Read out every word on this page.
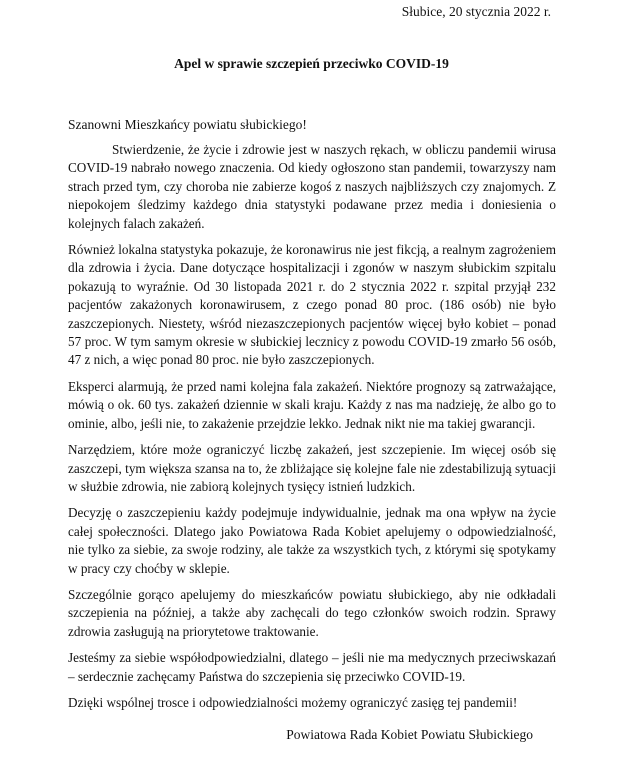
Słubice, 20 stycznia 2022 r.
Apel w sprawie szczepień przeciwko COVID-19
Szanowni Mieszkańcy powiatu słubickiego!

Stwierdzenie, że życie i zdrowie jest w naszych rękach, w obliczu pandemii wirusa COVID-19 nabrało nowego znaczenia. Od kiedy ogłoszono stan pandemii, towarzyszy nam strach przed tym, czy choroba nie zabierze kogoś z naszych najbliższych czy znajomych. Z niepokojem śledzimy każdego dnia statystyki podawane przez media i doniesienia o kolejnych falach zakażeń.

Również lokalna statystyka pokazuje, że koronawirus nie jest fikcją, a realnym zagrożeniem dla zdrowia i życia. Dane dotyczące hospitalizacji i zgonów w naszym słubickim szpitalu pokazują to wyraźnie. Od 30 listopada 2021 r. do 2 stycznia 2022 r. szpital przyjął 232 pacjentów zakażonych koronawirusem, z czego ponad 80 proc. (186 osób) nie było zaszczepionych. Niestety, wśród niezaszczepionych pacjentów więcej było kobiet – ponad 57 proc. W tym samym okresie w słubickiej lecznicy z powodu COVID-19 zmarło 56 osób, 47 z nich, a więc ponad 80 proc. nie było zaszczepionych.

Eksperci alarmują, że przed nami kolejna fala zakażeń. Niektóre prognozy są zatrważające, mówią o ok. 60 tys. zakażeń dziennie w skali kraju. Każdy z nas ma nadzieję, że albo go to ominie, albo, jeśli nie, to zakażenie przejdzie lekko. Jednak nikt nie ma takiej gwarancji.

Narzędziem, które może ograniczyć liczbę zakażeń, jest szczepienie. Im więcej osób się zaszczepi, tym większa szansa na to, że zbliżające się kolejne fale nie zdestabilizują sytuacji w służbie zdrowia, nie zabiorą kolejnych tysięcy istnień ludzkich.

Decyzję o zaszczepieniu każdy podejmuje indywidualnie, jednak ma ona wpływ na życie całej społeczności. Dlatego jako Powiatowa Rada Kobiet apelujemy o odpowiedzialność, nie tylko za siebie, za swoje rodziny, ale także za wszystkich tych, z którymi się spotykamy w pracy czy choćby w sklepie.

Szczególnie gorąco apelujemy do mieszkańców powiatu słubickiego, aby nie odkładali szczepienia na później, a także aby zachęcali do tego członków swoich rodzin. Sprawy zdrowia zasługują na priorytetowe traktowanie.

Jesteśmy za siebie współodpowiedzialni, dlatego – jeśli nie ma medycznych przeciwskazań – serdecznie zachęcamy Państwa do szczepienia się przeciwko COVID-19.

Dzięki wspólnej trosce i odpowiedzialności możemy ograniczyć zasięg tej pandemii!

Powiatowa Rada Kobiet Powiatu Słubickiego
